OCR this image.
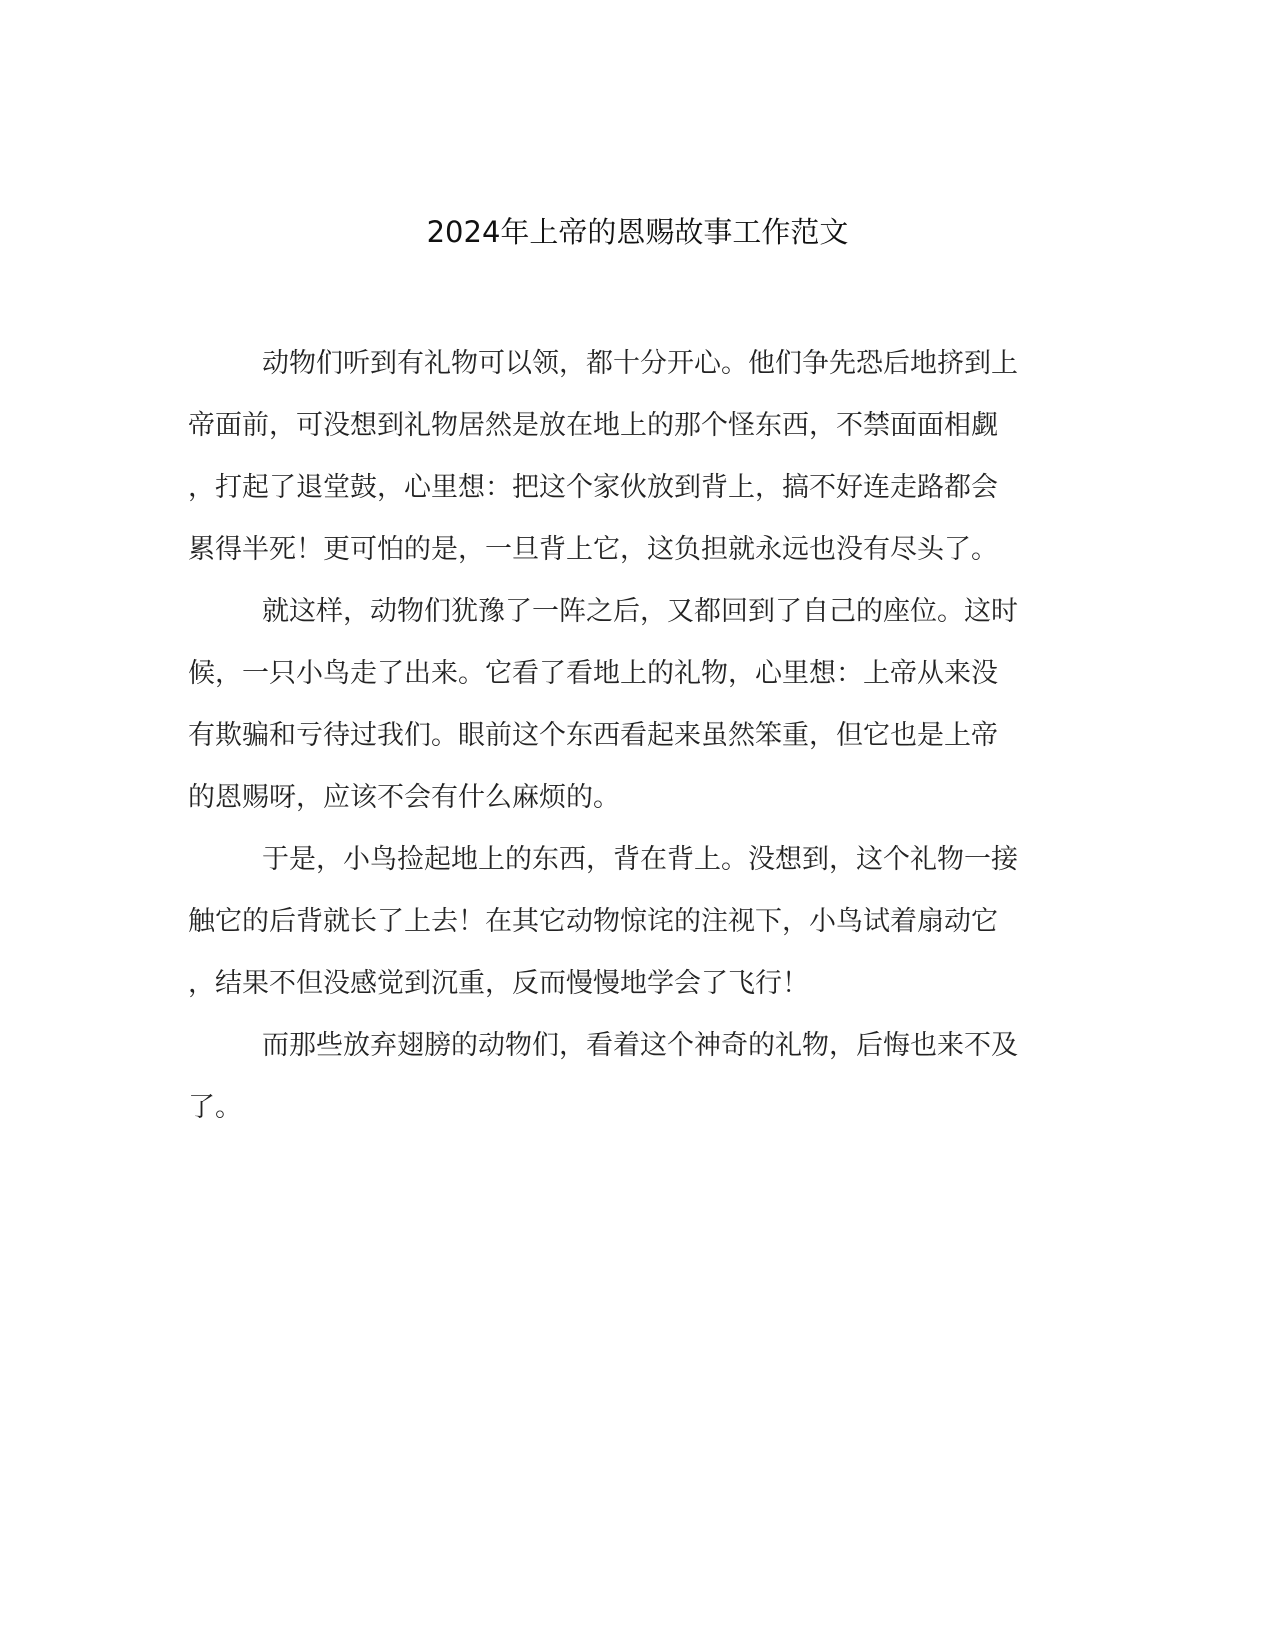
2024年上帝的恩赐故事工作范文

动物们听到有礼物可以领，都十分开心。他们争先恐后地挤到上

帝面前，可没想到礼物居然是放在地上的那个怪东西，不禁面面相觑

，打起了退堂鼓，心里想：把这个家伙放到背上，搞不好连走路都会

累得半死！更可怕的是，一旦背上它，这负担就永远也没有尽头了。

就这样，动物们犹豫了一阵之后，又都回到了自己的座位。这时

候，一只小鸟走了出来。它看了看地上的礼物，心里想：上帝从来没

有欺骗和亏待过我们。眼前这个东西看起来虽然笨重，但它也是上帝

的恩赐呀，应该不会有什么麻烦的。

于是，小鸟捡起地上的东西，背在背上。没想到，这个礼物一接

触它的后背就长了上去！在其它动物惊诧的注视下，小鸟试着扇动它

，结果不但没感觉到沉重，反而慢慢地学会了飞行！

而那些放弃翅膀的动物们，看着这个神奇的礼物，后悔也来不及

了。
